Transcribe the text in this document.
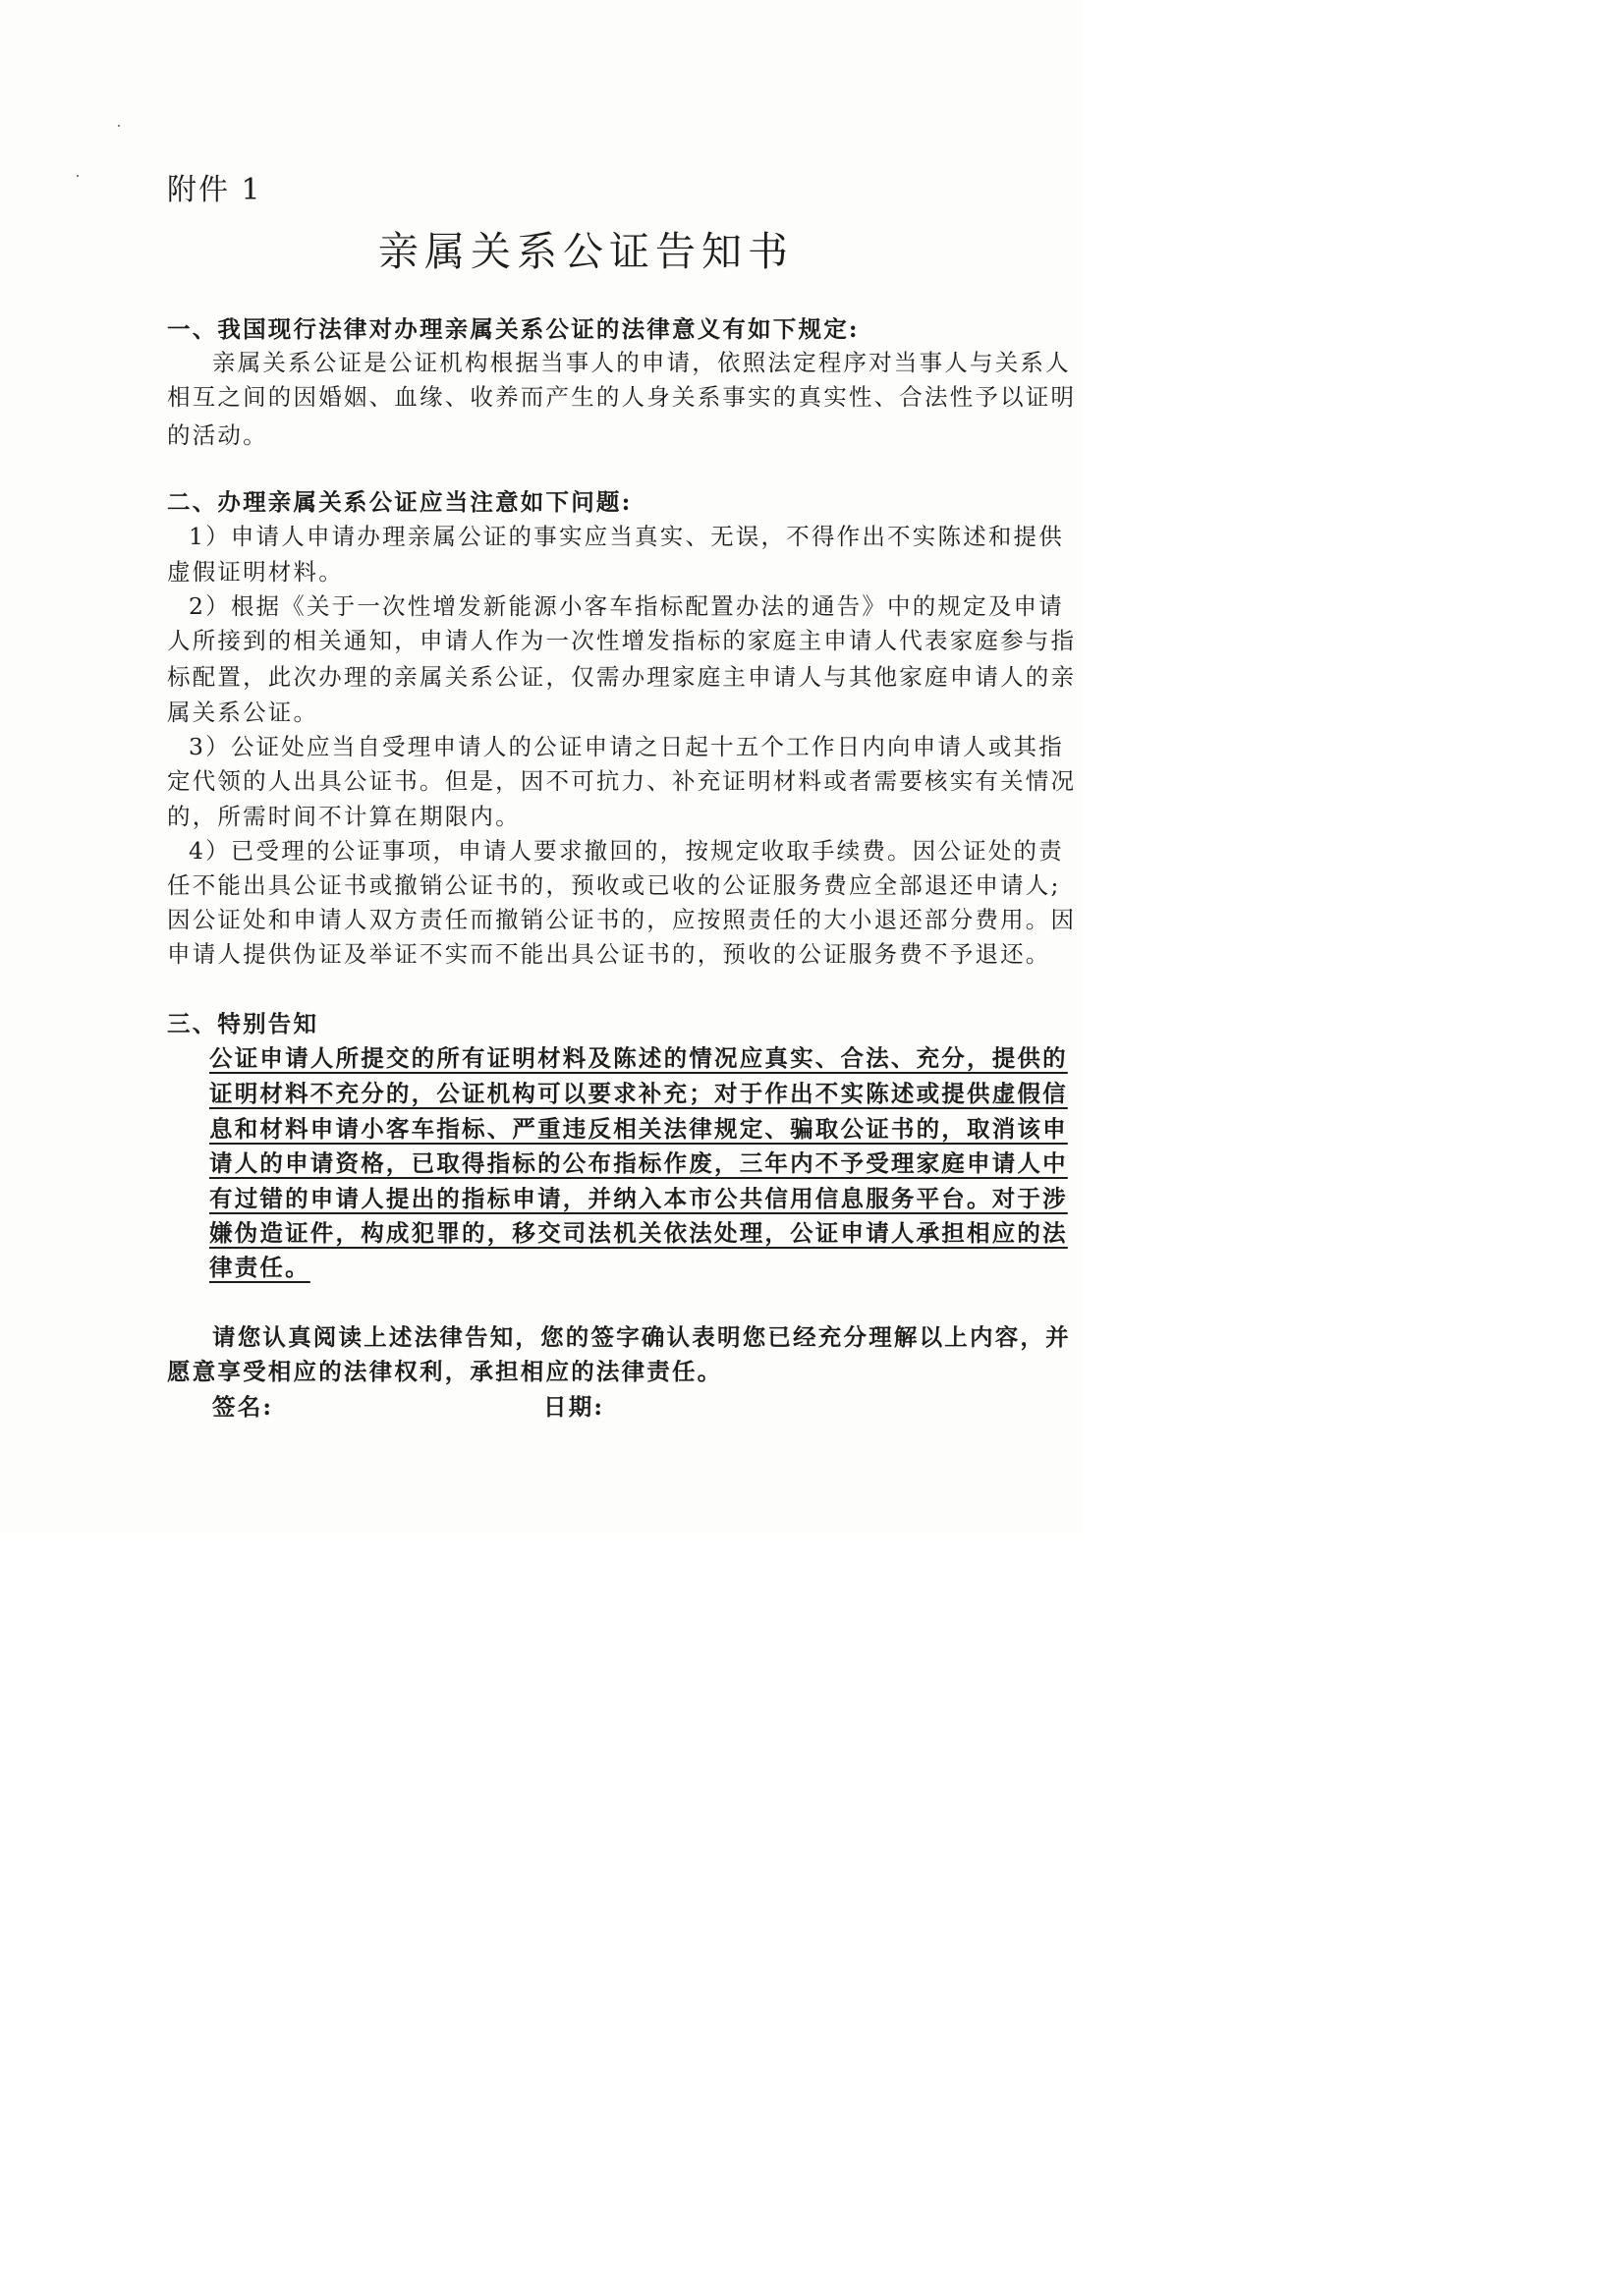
附件 1
亲属关系公证告知书
一、我国现行法律对办理亲属关系公证的法律意义有如下规定:
亲属关系公证是公证机构根据当事人的申请，依照法定程序对当事人与关系人
相互之间的因婚姻、血缘、收养而产生的人身关系事实的真实性、合法性予以证明
的活动。
二、办理亲属关系公证应当注意如下问题:
1）申请人申请办理亲属公证的事实应当真实、无误，不得作出不实陈述和提供
虚假证明材料。
2）根据《关于一次性增发新能源小客车指标配置办法的通告》中的规定及申请
人所接到的相关通知，申请人作为一次性增发指标的家庭主申请人代表家庭参与指
标配置，此次办理的亲属关系公证，仅需办理家庭主申请人与其他家庭申请人的亲
属关系公证。
3）公证处应当自受理申请人的公证申请之日起十五个工作日内向申请人或其指
定代领的人出具公证书。但是，因不可抗力、补充证明材料或者需要核实有关情况
的，所需时间不计算在期限内。
4）已受理的公证事项，申请人要求撤回的，按规定收取手续费。因公证处的责
任不能出具公证书或撤销公证书的，预收或已收的公证服务费应全部退还申请人;
因公证处和申请人双方责任而撤销公证书的，应按照责任的大小退还部分费用。因
申请人提供伪证及举证不实而不能出具公证书的，预收的公证服务费不予退还。
三、特别告知
公证申请人所提交的所有证明材料及陈述的情况应真实、合法、充分，提供的
证明材料不充分的，公证机构可以要求补充；对于作出不实陈述或提供虚假信
息和材料申请小客车指标、严重违反相关法律规定、骗取公证书的，取消该申
请人的申请资格，已取得指标的公布指标作废，三年内不予受理家庭申请人中
有过错的申请人提出的指标申请，并纳入本市公共信用信息服务平台。对于涉
嫌伪造证件，构成犯罪的，移交司法机关依法处理，公证申请人承担相应的法
律责任。
请您认真阅读上述法律告知，您的签字确认表明您已经充分理解以上内容，并
愿意享受相应的法律权利，承担相应的法律责任。
签名:	日期:
